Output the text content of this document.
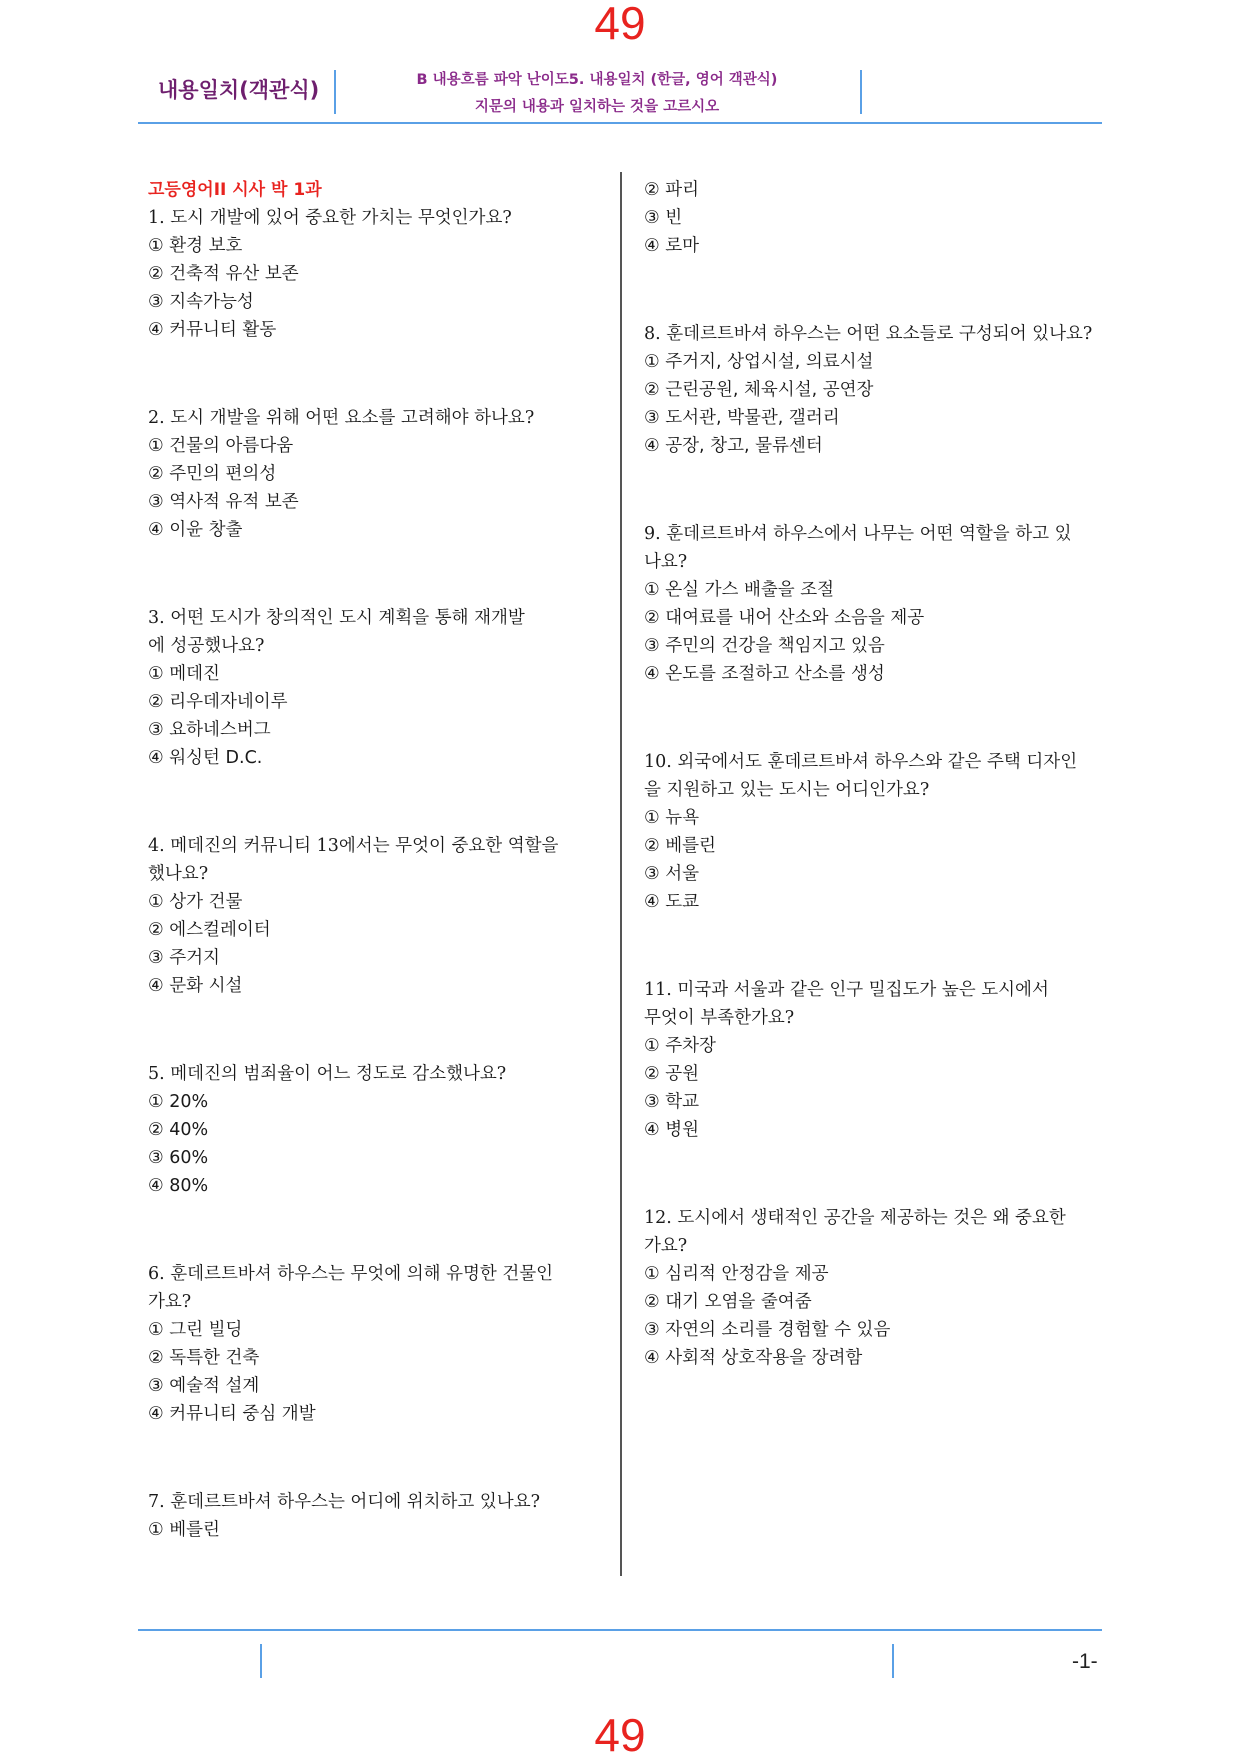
49
내용일치(객관식)	B 내용흐름 파악 난이도5. 내용일치 (한글, 영어 객관식)
지문의 내용과 일치하는 것을 고르시오
고등영어II 시사 박 1과
1. 도시 개발에 있어 중요한 가치는 무엇인가요?
① 환경 보호
② 건축적 유산 보존
③ 지속가능성
④ 커뮤니티 활동
2. 도시 개발을 위해 어떤 요소를 고려해야 하나요?
① 건물의 아름다움
② 주민의 편의성
③ 역사적 유적 보존
④ 이윤 창출
3. 어떤 도시가 창의적인 도시 계획을 통해 재개발에 성공했나요?
① 메데진
② 리우데자네이루
③ 요하네스버그
④ 워싱턴 D.C.
4. 메데진의 커뮤니티 13에서는 무엇이 중요한 역할을 했나요?
① 상가 건물
② 에스컬레이터
③ 주거지
④ 문화 시설
5. 메데진의 범죄율이 어느 정도로 감소했나요?
① 20%
② 40%
③ 60%
④ 80%
6. 훈데르트바셔 하우스는 무엇에 의해 유명한 건물인가요?
① 그린 빌딩
② 독특한 건축
③ 예술적 설계
④ 커뮤니티 중심 개발
7. 훈데르트바셔 하우스는 어디에 위치하고 있나요?
① 베를린
② 파리
③ 빈
④ 로마
8. 훈데르트바셔 하우스는 어떤 요소들로 구성되어 있나요?
① 주거지, 상업시설, 의료시설
② 근린공원, 체육시설, 공연장
③ 도서관, 박물관, 갤러리
④ 공장, 창고, 물류센터
9. 훈데르트바셔 하우스에서 나무는 어떤 역할을 하고 있나요?
① 온실 가스 배출을 조절
② 대여료를 내어 산소와 소음을 제공
③ 주민의 건강을 책임지고 있음
④ 온도를 조절하고 산소를 생성
10. 외국에서도 훈데르트바셔 하우스와 같은 주택 디자인을 지원하고 있는 도시는 어디인가요?
① 뉴욕
② 베를린
③ 서울
④ 도쿄
11. 미국과 서울과 같은 인구 밀집도가 높은 도시에서 무엇이 부족한가요?
① 주차장
② 공원
③ 학교
④ 병원
12. 도시에서 생태적인 공간을 제공하는 것은 왜 중요한가요?
① 심리적 안정감을 제공
② 대기 오염을 줄여줌
③ 자연의 소리를 경험할 수 있음
④ 사회적 상호작용을 장려함
-1-
49
